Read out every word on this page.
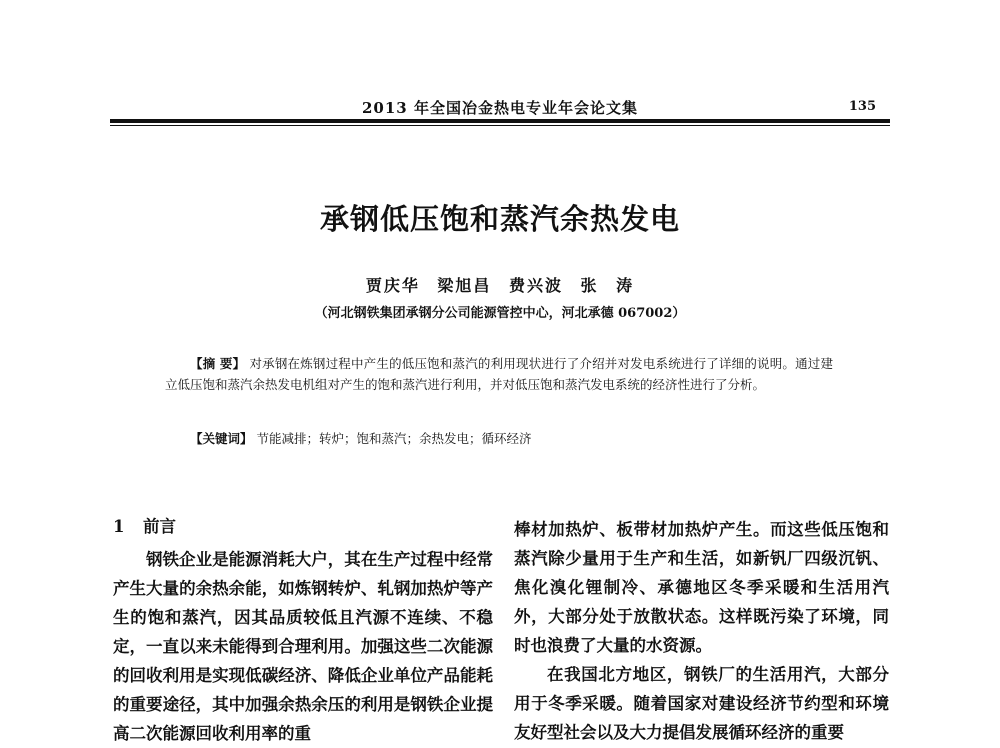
2013 年全国冶金热电专业年会论文集	135
承钢低压饱和蒸汽余热发电
贾庆华 梁旭昌 费兴波 张 涛
（河北钢铁集团承钢分公司能源管控中心，河北承德 067002）
【摘 要】 对承钢在炼钢过程中产生的低压饱和蒸汽的利用现状进行了介绍并对发电系统进行了详细的说明。通过建立低压饱和蒸汽余热发电机组对产生的饱和蒸汽进行利用，并对低压饱和蒸汽发电系统的经济性进行了分析。
【关键词】 节能减排；转炉；饱和蒸汽；余热发电；循环经济
1 前言

钢铁企业是能源消耗大户，其在生产过程中经常产生大量的余热余能，如炼钢转炉、轧钢加热炉等产生的饱和蒸汽，因其品质较低且汽源不连续、不稳定，一直以来未能得到合理利用。加强这些二次能源的回收利用是实现低碳经济、降低企业单位产品能耗的重要途径，其中加强余热余压的利用是钢铁企业提高二次能源回收利用率的重

棒材加热炉、板带材加热炉产生。而这些低压饱和蒸汽除少量用于生产和生活，如新钒厂四级沉钒、焦化溴化锂制冷、承德地区冬季采暖和生活用汽外，大部分处于放散状态。这样既污染了环境，同时也浪费了大量的水资源。

在我国北方地区，钢铁厂的生活用汽，大部分用于冬季采暖。随着国家对建设经济节约型和环境友好型社会以及大力提倡发展循环经济的重要
